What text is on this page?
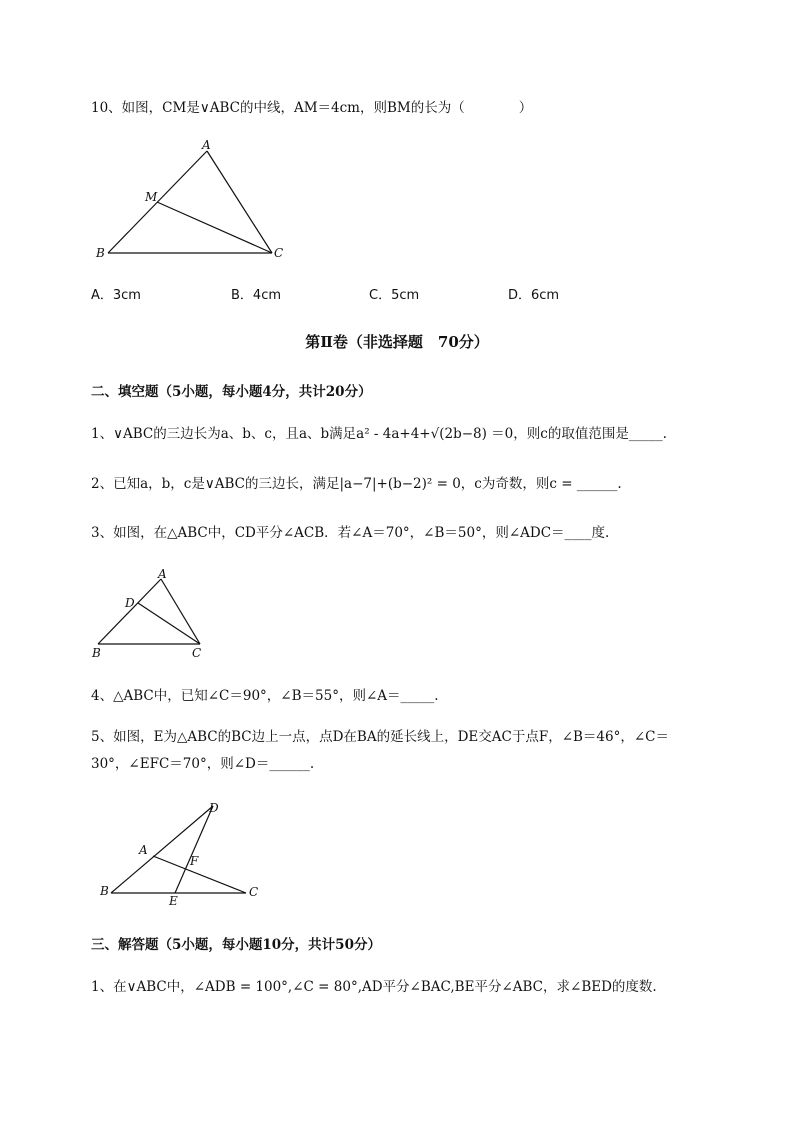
10、如图，CM是∨ABC的中线，AM＝4cm，则BM的长为（　　　　）
A
M
B	C
A．3cm	B．4cm	C．5cm	D．6cm
第Ⅱ卷（非选择题　70分）
二、填空题（5小题，每小题4分，共计20分）
1、∨ABC的三边长为a、b、c，且a、b满足a² - 4a+4+√(2b−8) ＝0，则c的取值范围是_____.
2、已知a，b，c是∨ABC的三边长，满足|a−7|+(b−2)² = 0，c为奇数，则c = ______.
3、如图，在△ABC中，CD平分∠ACB．若∠A＝70°，∠B＝50°，则∠ADC＝____度.
A
D
B	C
4、△ABC中，已知∠C＝90°，∠B＝55°，则∠A＝_____.
5、如图，E为△ABC的BC边上一点，点D在BA的延长线上，DE交AC于点F，∠B＝46°，∠C＝
30°，∠EFC＝70°，则∠D＝______.
D
A
F
B
E
C
三、解答题（5小题，每小题10分，共计50分）
1、在∨ABC中，∠ADB = 100°,∠C = 80°,AD平分∠BAC,BE平分∠ABC，求∠BED的度数.
